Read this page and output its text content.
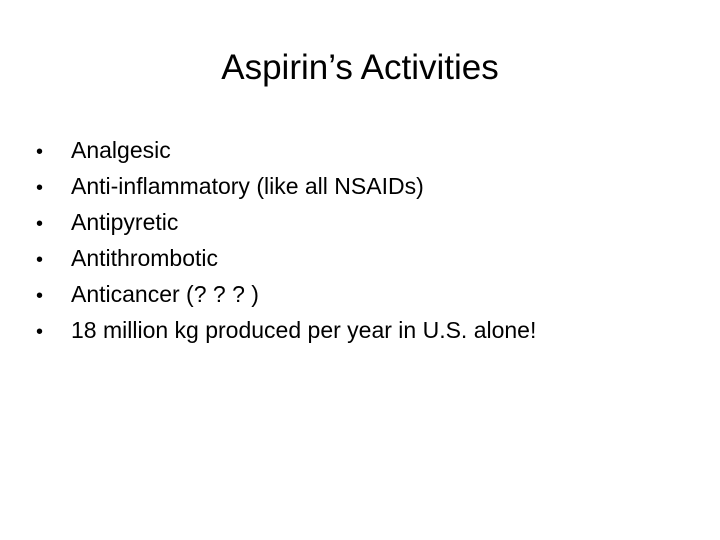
Aspirin’s Activities
•	Analgesic
•	Anti-inflammatory (like all NSAIDs)
•	Antipyretic
•	Antithrombotic
•	Anticancer (? ? ? )
•	18 million kg produced per year in U.S. alone!
